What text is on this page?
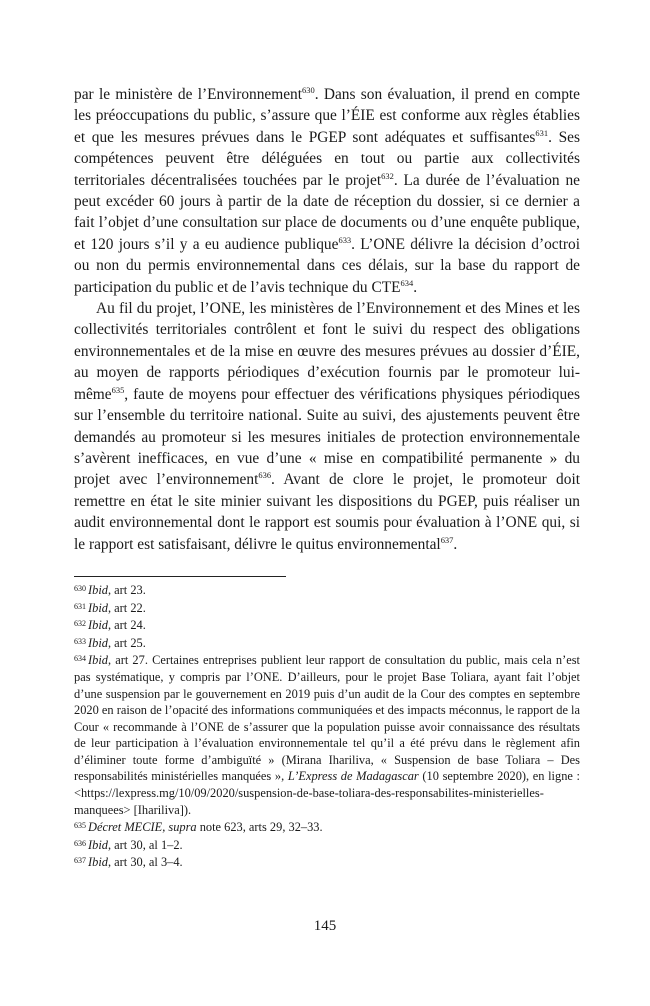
par le ministère de l’Environnement$^{630}$. Dans son évaluation, il prend en compte les préoccupations du public, s’assure que l’ÉIE est conforme aux règles établies et que les mesures prévues dans le PGEP sont adéquates et suffisantes$^{631}$. Ses compétences peuvent être déléguées en tout ou partie aux collectivités territoriales décentralisées touchées par le projet$^{632}$. La durée de l’évaluation ne peut excéder 60 jours à partir de la date de réception du dossier, si ce dernier a fait l’objet d’une consultation sur place de documents ou d’une enquête publique, et 120 jours s’il y a eu audience publique$^{633}$. L’ONE délivre la décision d’octroi ou non du permis environnemental dans ces délais, sur la base du rapport de participation du public et de l’avis technique du CTE$^{634}$.

Au fil du projet, l’ONE, les ministères de l’Environnement et des Mines et les collectivités territoriales contrôlent et font le suivi du respect des obligations environnementales et de la mise en œuvre des mesures prévues au dossier d’ÉIE, au moyen de rapports périodiques d’exécution fournis par le promoteur lui-même$^{635}$, faute de moyens pour effectuer des vérifications physiques périodiques sur l’ensemble du territoire national. Suite au suivi, des ajustements peuvent être demandés au promoteur si les mesures initiales de protection environnementale s’avèrent inefficaces, en vue d’une « mise en compatibilité permanente » du projet avec l’environnement$^{636}$. Avant de clore le projet, le promoteur doit remettre en état le site minier suivant les dispositions du PGEP, puis réaliser un audit environnemental dont le rapport est soumis pour évaluation à l’ONE qui, si le rapport est satisfaisant, délivre le quitus environnemental$^{637}$.

$^{630}$ Ibid, art 23.

$^{631}$ Ibid, art 22.

$^{632}$ Ibid, art 24.

$^{633}$ Ibid, art 25.

$^{634}$ Ibid, art 27. Certaines entreprises publient leur rapport de consultation du public, mais cela n’est pas systématique, y compris par l’ONE. D’ailleurs, pour le projet Base Toliara, ayant fait l’objet d’une suspension par le gouvernement en 2019 puis d’un audit de la Cour des comptes en septembre 2020 en raison de l’opacité des informations communiquées et des impacts méconnus, le rapport de la Cour « recommande à l’ONE de s’assurer que la population puisse avoir connaissance des résultats de leur participation à l’évaluation environnementale tel qu’il a été prévu dans le règlement afin d’éliminer toute forme d’ambiguïté » (Mirana Ihariliva, « Suspension de base Toliara – Des responsabilités ministérielles manquées », L’Express de Madagascar (10 septembre 2020), en ligne : <https://lexpress.mg/10/09/2020/suspension-de-base-toliara-des-responsabilites-ministerielles-manquees> [Ihariliva]).

$^{635}$ Décret MECIE, supra note 623, arts 29, 32–33.

$^{636}$ Ibid, art 30, al 1–2.

$^{637}$ Ibid, art 30, al 3–4.

145
